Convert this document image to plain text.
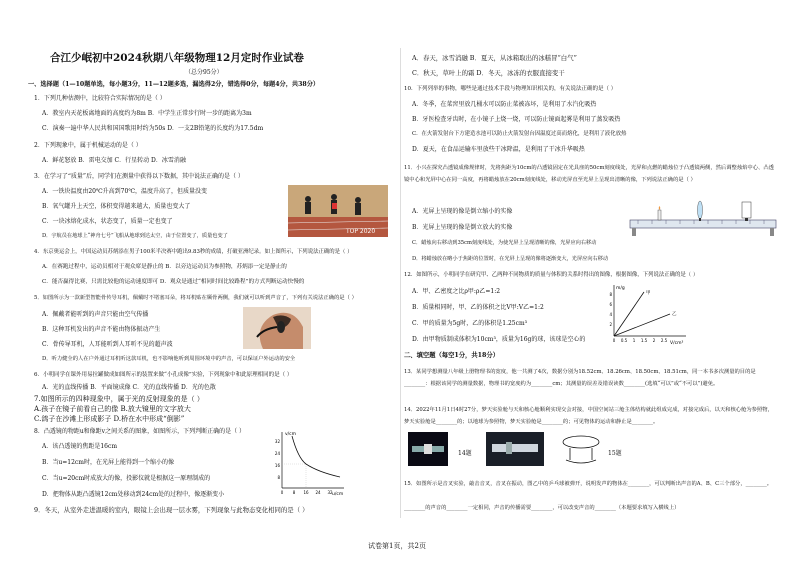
合江少岷初中2024秋期八年级物理12月定时作业试卷
（总分95分）
一、选择题（1—10题单选，每小题3分，11—12题多选，漏选得2分，错选得0分，每题4分，共38分）
1．下列几种估测中，比较符合实际情况的是（ ）
A．教室内天花板离地面的高度约为8m B．中学生正常步行时一步的距离为3m
C．演奏一遍中华人民共和国国歌用时约为50s D．一支2B铅笔的长度约为17.5dm
2．下列现象中，属于机械运动的是（ ）
A．鲜花怒放 B．雷电交加 C．行星转动 D．冰雪消融
3．在学习了“质量”后，同学们在测量中获得以下数据，其中说法正确的是（ ）
A．一铁块温度由20℃升高到70℃，温度升高了，但质量没变
B．氧气罐升上天空，体积变得越来越大，质量也变大了
C．一块冰熔化成水，状态变了，质量一定也变了
D．宇航员在地球上“神舟七号”飞船从地球到达太空，由于位置变了，质量也变了
TOP 2020
4．东京奥运会上，中国运动员苏炳添在男子100米半决赛中跑出9.83秒的成绩，打破亚洲纪录。如上图所示，下列说法正确的是（ ）
A．在赛跑过程中，运动员相对于观众席是静止的 B．以旁边运动员为参照物，苏炳添一定是静止的
C．能否赢得比赛，只需比较他的运动速度即可 D．观众是通过“相同时间比较路程”的方式判断运动快慢的
5．如图所示为一款新型智能骨传导耳机，佩戴时不堵塞耳朵，将耳机贴在颞骨两侧，我们就可以听到声音了，下列有关说法正确的是（ ）
A．佩戴者能听到的声音只能由空气传播
B．这种耳机发出的声音不能由物体振动产生
C．骨传导耳机，人耳能听到人耳听不见的超声波
D．听力健全的人在户外通过耳机听这款耳机，也不影响他听到周围环境中的声音，可以保证户外运动的安全
6．小明同学在课外用易拉罐做成如图所示的装置来做“小孔成像”实验，下列现象中和此原理相同的是（ ）
A．光的直线传播 B．平面镜成像 C．光的直线传播 D．光的色散
7.如图所示的四种现象中，属于光的反射现象的是（ ）
A.孩子在镜子前看自己的像 B.放大镜里的文字放大
C.鸽子在沙滩上形成影子 D.桥在水中形成“倒影”
8．凸透镜的物距u和像距v之间关系的图象，如图所示，下列判断正确的是（ ）
A．该凸透镜的焦距是16cm
B．当u=12cm时，在光屏上能得到一个缩小的像
C．当u=20cm时成放大的像，投影仪就是根据这一原理制成的
D．把物体从距凸透镜12cm处移动到24cm处的过程中，像逐渐变小
9．冬天，从室外走进温暖的室内，眼镜上会出现一层水雾，下列现象与此物态变化相同的是（ ）
v/cm
u/cm
32
24
16
8
0 8 16 24 32
A．春天，冰雪消融 B．夏天，从冰箱取出的冰糕冒“白气”
C．秋天，草叶上的霜 D．冬天，冰冻的衣服直接变干
10．下列列举的事物，哪些是通过技术手段与物理知识相关的，有关说法正确的是（ ）
A．冬季，在菜窖里放几桶水可以防止菜被冻坏，是利用了水汽化吸热
B．牙医检查牙齿时，在小镜子上烧一烧，可以防止镜面起雾是利用了蒸发吸热
C．在火箭发射台下方建造水池可以防止火箭发射台因温度过高而熔化，是利用了液化放热
D．夏天，在食品运输车里放些干冰降温，是利用了干冰升华吸热
11．小兴在探究凸透镜成像规律时，先将焦距为10cm的凸透镜固定在光具座的50cm刻度线处，光屏和点燃的蜡烛位于凸透镜两侧，然后调整烛焰中心、凸透镜中心和光屏中心在同一高度，再将蜡烛放在20cm刻度线处，移动光屏直至光屏上呈现出清晰的像，下列说法正确的是（ ）
A．光屏上呈现的像是倒立缩小的实像
B．光屏上呈现的像是倒立放大的实像
C．蜡烛向右移动到35cm刻度线处，为使光屏上呈现清晰的像，光屏应向右移动
D．将蜡烛放在略小于焦距的位置时，在光屏上呈现的像将逐渐变大，光屏应向右移动
12．如图所示，小明同学在研究甲、乙两种不同物质的质量与体积的关系时得出的图像，根据图像，下列说法正确的是（ ）
A．甲、乙密度之比ρ甲:ρ乙=1:2
B．质量相同时，甲、乙的体积之比V甲:V乙=1:2
C．甲的质量为5g时，乙的体积是1.25cm³
D．由甲物质制成体积为10cm³，质量为16g的球，该球是空心的
m/g
V/cm³
8
6
4
2
0 0.5 1 1.5 2 2.5
甲
乙
二、填空题（每空1分，共18分）
13．某同学想测量八年级上册物理书的宽度，他一共测了4次，数据分别为18.52cm、18.26cm、18.50cm、18.51cm，同一本书多次测量的目的是________：根据该同学的测量数据，物理书的宽度约为________cm；其测量的误差及错误读数________(选填“可以”或“不可以”)避免。
14．2022年11月1日4时27分，梦天实验舱与天和核心舱顺利实现交会对接，中国空间站三舱主体结构就此组成完成，对接完成后，以天和核心舱为参照物，梦天实验舱是________的；以地球为参照物，梦天实验舱是________的；可见物体的运动和静止是________。
14题	15题
15．如图所示是音叉实验，敲击音叉，音叉在振动，图乙中的乒乓球被弹开，说明发声的物体在________，可以判断出声音的A、B、C三个部分，________。
________的声音的________一定相同，声音的传播需要________，可以改变声音的________（本题要求填写入横线上）
试卷第1页，共2页
